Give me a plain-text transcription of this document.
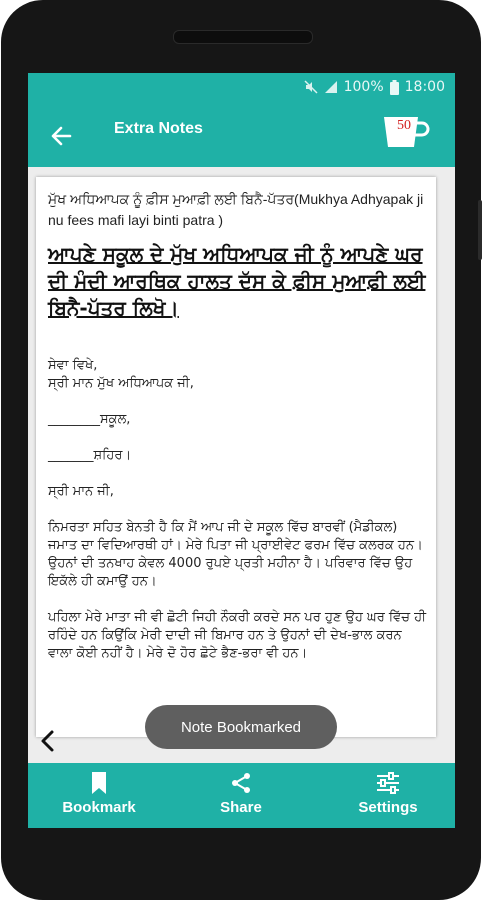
100% 18:00
Extra Notes	50
ਮੁੱਖ ਅਧਿਆਪਕ ਨੂੰ ਫ਼ੀਸ ਮੁਆਫ਼ੀ ਲਈ ਬਿਨੈ-ਪੱਤਰ(Mukhya Adhyapak ji nu fees mafi layi binti patra )
ਆਪਣੇ ਸਕੂਲ ਦੇ ਮੁੱਖ ਅਧਿਆਪਕ ਜੀ ਨੂੰ ਆਪਣੇ ਘਰ ਦੀ ਮੰਦੀ ਆਰਥਿਕ ਹਾਲਤ ਦੱਸ ਕੇ ਫ਼ੀਸ ਮੁਆਫ਼ੀ ਲਈ ਬਿਨੈ-ਪੱਤਰ ਲਿਖੋ।

ਸੇਵਾ ਵਿਖੇ,
ਸ੍ਰੀ ਮਾਨ ਮੁੱਖ ਅਧਿਆਪਕ ਜੀ,

________ਸਕੂਲ,

_______ਸ਼ਹਿਰ।

ਸ੍ਰੀ ਮਾਨ ਜੀ,

ਨਿਮਰਤਾ ਸਹਿਤ ਬੇਨਤੀ ਹੈ ਕਿ ਮੈਂ ਆਪ ਜੀ ਦੇ ਸਕੂਲ ਵਿੱਚ ਬਾਰਵੀਂ (ਮੈਡੀਕਲ) ਜਮਾਤ ਦਾ ਵਿਦਿਆਰਥੀ ਹਾਂ। ਮੇਰੇ ਪਿਤਾ ਜੀ ਪ੍ਰਾਈਵੇਟ ਫਰਮ ਵਿੱਚ ਕਲਰਕ ਹਨ। ਉਹਨਾਂ ਦੀ ਤਨਖਾਹ ਕੇਵਲ 4000 ਰੁਪਏ ਪ੍ਰਤੀ ਮਹੀਨਾ ਹੈ। ਪਰਿਵਾਰ ਵਿੱਚ ਉਹ ਇਕੱਲੇ ਹੀ ਕਮਾਉਂ ਹਨ।

ਪਹਿਲਾ ਮੇਰੇ ਮਾਤਾ ਜੀ ਵੀ ਛੋਟੀ ਜਿਹੀ ਨੌਕਰੀ ਕਰਦੇ ਸਨ ਪਰ ਹੁਣ ਉਹ ਘਰ ਵਿੱਚ ਹੀ ਰਹਿੰਦੇ ਹਨ ਕਿਉਂਕਿ ਮੇਰੀ ਦਾਦੀ ਜੀ ਬਿਮਾਰ ਹਨ ਤੇ ਉਹਨਾਂ ਦੀ ਦੇਖ-ਭਾਲ ਕਰਨ ਵਾਲਾ ਕੋਈ ਨਹੀਂ ਹੈ। ਮੇਰੇ ਦੋ ਹੋਰ ਛੋਟੇ ਭੈਣ-ਭਰਾ ਵੀ ਹਨ।

Note Bookmarked
Bookmark	Share	Settings
